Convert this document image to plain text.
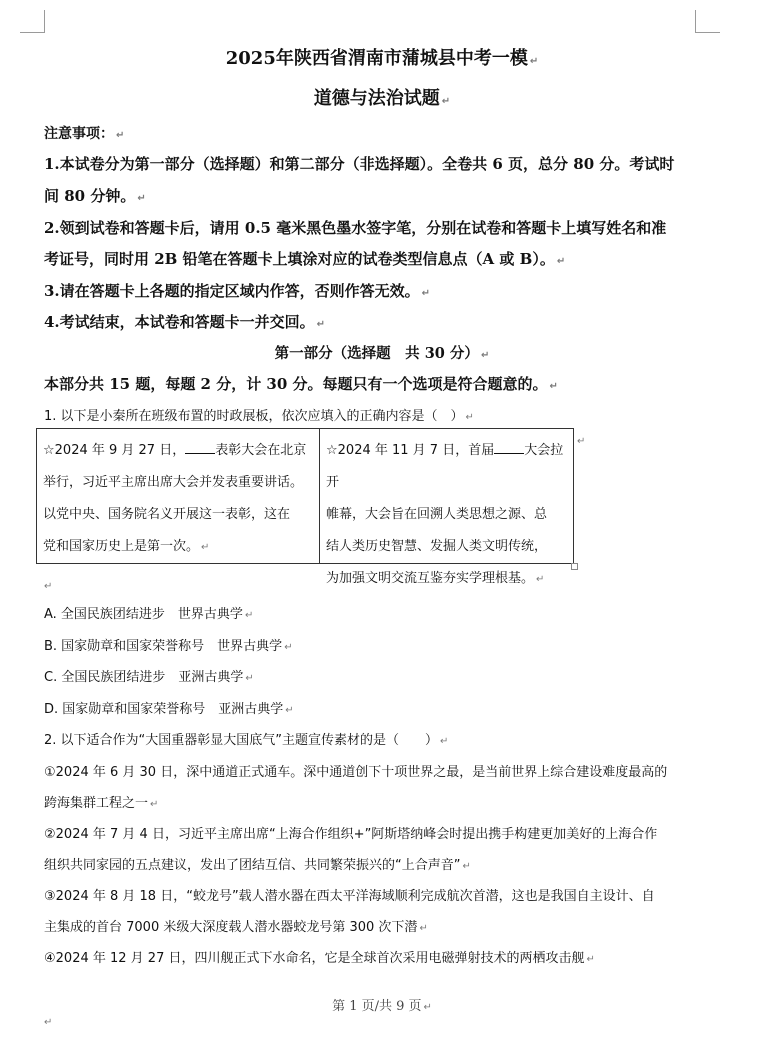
2025年陕西省渭南市蒲城县中考一模 ↵
道德与法治试题 ↵
注意事项： ↵
1.本试卷分为第一部分（选择题）和第二部分（非选择题）。全卷共 6 页，总分 80 分。考试时
间 80 分钟。 ↵
2.领到试卷和答题卡后，请用 0.5 毫米黑色墨水签字笔，分别在试卷和答题卡上填写姓名和准
考证号，同时用 2B 铅笔在答题卡上填涂对应的试卷类型信息点（A 或 B）。 ↵
3.请在答题卡上各题的指定区域内作答，否则作答无效。 ↵
4.考试结束，本试卷和答题卡一并交回。 ↵
第一部分（选择题　共 30 分） ↵
本部分共 15 题，每题 2 分，计 30 分。每题只有一个选项是符合题意的。 ↵
1. 以下是小秦所在班级布置的时政展板，依次应填入的正确内容是（　） ↵
☆2024 年 9 月 27 日， 表彰大会在北京
举行，习近平主席出席大会并发表重要讲话。
以党中央、国务院名义开展这一表彰，这在
党和国家历史上是第一次。 ↵
☆2024 年 11 月 7 日，首届 大会拉开
帷幕，大会旨在回溯人类思想之源、总
结人类历史智慧、发掘人类文明传统，
为加强文明交流互鉴夯实学理根基。 ↵
↵
↵
A. 全国民族团结进步　世界古典学 ↵
B. 国家勋章和国家荣誉称号　世界古典学 ↵
C. 全国民族团结进步　亚洲古典学 ↵
D. 国家勋章和国家荣誉称号　亚洲古典学 ↵
2. 以下适合作为“大国重器彰显大国底气”主题宣传素材的是（　　） ↵
①2024 年 6 月 30 日，深中通道正式通车。深中通道创下十项世界之最，是当前世界上综合建设难度最高的
跨海集群工程之一 ↵
②2024 年 7 月 4 日，习近平主席出席“上海合作组织+”阿斯塔纳峰会时提出携手构建更加美好的上海合作
组织共同家园的五点建议，发出了团结互信、共同繁荣振兴的“上合声音” ↵
③2024 年 8 月 18 日，“蛟龙号”载人潜水器在西太平洋海域顺利完成航次首潜，这也是我国自主设计、自
主集成的首台 7000 米级大深度载人潜水器蛟龙号第 300 次下潜 ↵
④2024 年 12 月 27 日，四川舰正式下水命名，它是全球首次采用电磁弹射技术的两栖攻击舰 ↵
第 1 页/共 9 页 ↵
↵
